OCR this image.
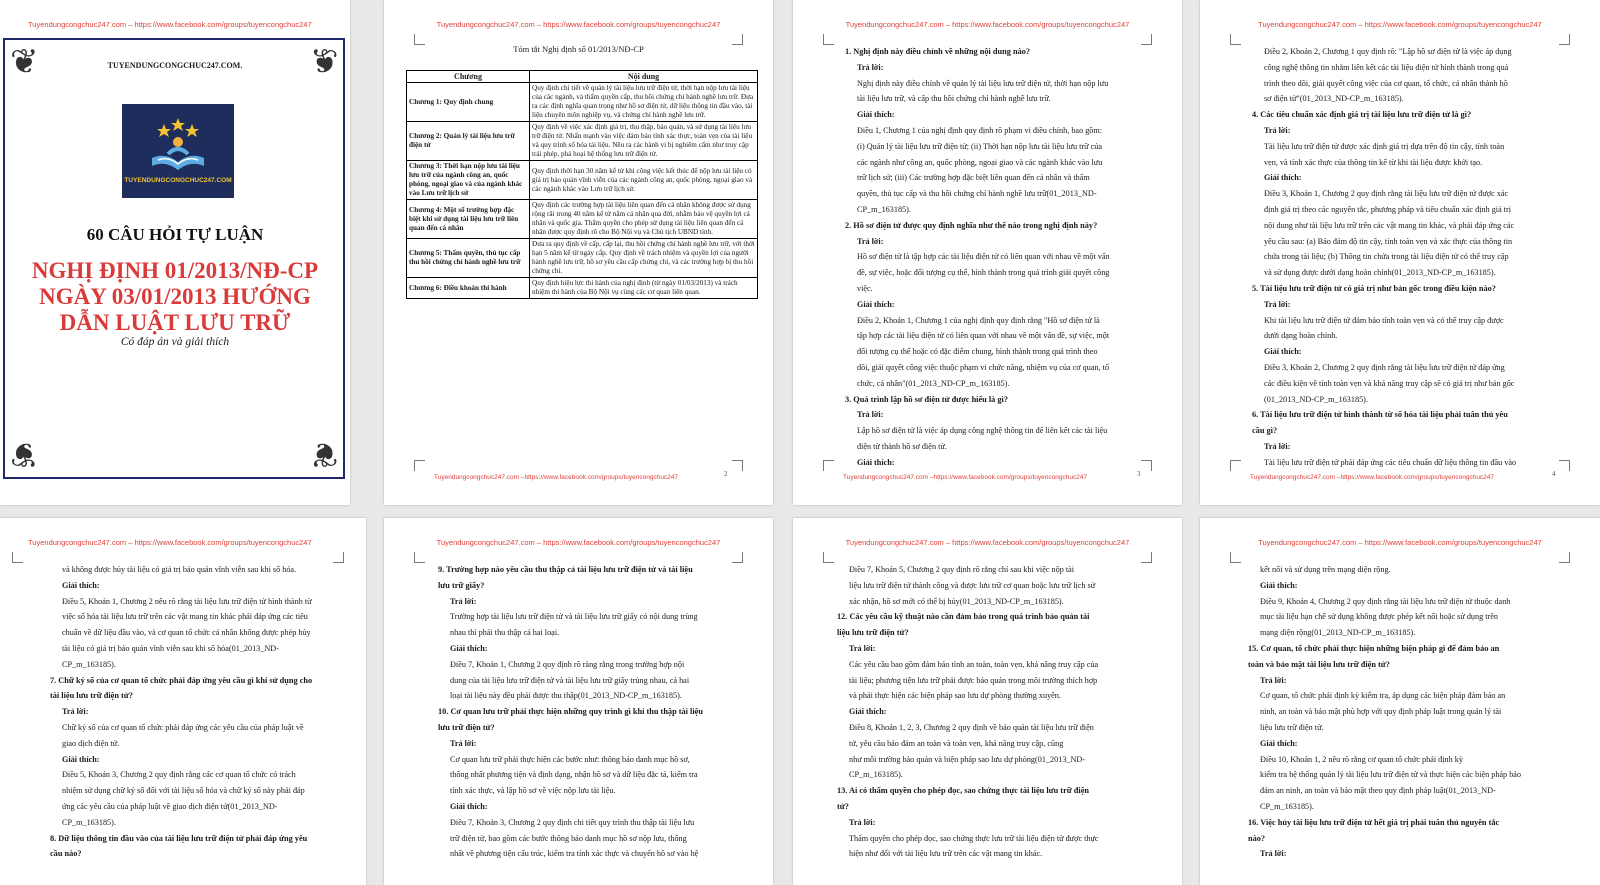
Tuyendungcongchuc247.com – https://www.facebook.com/groups/tuyencongchuc247
❦	❦
❦	❦
TUYENDUNGCONGCHUC247.COM.
TUYENDUNGCONGCHUC247.COM
60 CÂU HỎI TỰ LUẬN
NGHỊ ĐỊNH 01/2013/NĐ-CP NGÀY 03/01/2013 HƯỚNG DẪN LUẬT LƯU TRỮ
Có đáp án và giải thích
Tuyendungcongchuc247.com – https://www.facebook.com/groups/tuyencongchuc247
Tóm tắt Nghị định số 01/2013/NĐ-CP
Chương	Nội dung
Chương 1: Quy định chung	Quy định chi tiết về quản lý tài liệu lưu trữ điện tử, thời hạn nộp lưu tài liệu của các ngành, và thẩm quyền cấp, thu hồi chứng chỉ hành nghề lưu trữ. Đưa ra các định nghĩa quan trọng như hồ sơ điện tử, dữ liệu thông tin đầu vào, tài liệu chuyên môn nghiệp vụ, và chứng chỉ hành nghề lưu trữ.
Chương 2: Quản lý tài liệu lưu trữ điện tử	Quy định về việc xác định giá trị, thu thập, bảo quản, và sử dụng tài liệu lưu trữ điện tử. Nhấn mạnh vào việc đảm bảo tính xác thực, toàn vẹn của tài liệu và quy trình số hóa tài liệu. Nêu ra các hành vi bị nghiêm cấm như truy cập trái phép, phá hoại hệ thống lưu trữ điện tử.
Chương 3: Thời hạn nộp lưu tài liệu lưu trữ của ngành công an, quốc phòng, ngoại giao và của ngành khác vào Lưu trữ lịch sử	Quy định thời hạn 30 năm kể từ khi công việc kết thúc để nộp lưu tài liệu có giá trị bảo quản vĩnh viễn của các ngành công an, quốc phòng, ngoại giao và các ngành khác vào Lưu trữ lịch sử.
Chương 4: Một số trường hợp đặc biệt khi sử dụng tài liệu lưu trữ liên quan đến cá nhân	Quy định các trường hợp tài liệu liên quan đến cá nhân không được sử dụng rộng rãi trong 40 năm kể từ năm cá nhân qua đời, nhằm bảo vệ quyền lợi cá nhân và quốc gia. Thẩm quyền cho phép sử dụng tài liệu liên quan đến cá nhân được quy định rõ cho Bộ Nội vụ và Chủ tịch UBND tỉnh.
Chương 5: Thẩm quyền, thủ tục cấp thu hồi chứng chỉ hành nghề lưu trữ	Đưa ra quy định về cấp, cấp lại, thu hồi chứng chỉ hành nghề lưu trữ, với thời hạn 5 năm kể từ ngày cấp. Quy định về trách nhiệm và quyền lợi của người hành nghề lưu trữ, hồ sơ yêu cầu cấp chứng chỉ, và các trường hợp bị thu hồi chứng chỉ.
Chương 6: Điều khoản thi hành	Quy định hiệu lực thi hành của nghị định (từ ngày 01/03/2013) và trách nhiệm thi hành của Bộ Nội vụ cùng các cơ quan liên quan.
Tuyendungcongchuc247.com –https://www.facebook.com/groups/tuyencongchuc247	2
Tuyendungcongchuc247.com – https://www.facebook.com/groups/tuyencongchuc247
1. Nghị định này điều chỉnh về những nội dung nào?
Trả lời:
Nghị định này điều chỉnh về quản lý tài liệu lưu trữ điện tử, thời hạn nộp lưu
tài liệu lưu trữ, và cấp thu hồi chứng chỉ hành nghề lưu trữ.
Giải thích:
Điều 1, Chương 1 của nghị định quy định rõ phạm vi điều chỉnh, bao gồm:
(i) Quản lý tài liệu lưu trữ điện tử; (ii) Thời hạn nộp lưu tài liệu lưu trữ của
các ngành như công an, quốc phòng, ngoại giao và các ngành khác vào lưu
trữ lịch sử; (iii) Các trường hợp đặc biệt liên quan đến cá nhân và thẩm
quyền, thủ tục cấp và thu hồi chứng chỉ hành nghề lưu trữ(01_2013_ND-
CP_m_163185).
2. Hồ sơ điện tử được quy định nghĩa như thế nào trong nghị định này?
Trả lời:
Hồ sơ điện tử là tập hợp các tài liệu điện tử có liên quan với nhau về một vấn
đề, sự việc, hoặc đối tượng cụ thể, hình thành trong quá trình giải quyết công
việc.
Giải thích:
Điều 2, Khoản 1, Chương 1 của nghị định quy định rằng "Hồ sơ điện tử là
tập hợp các tài liệu điện tử có liên quan với nhau về một vấn đề, sự việc, một
đối tượng cụ thể hoặc có đặc điểm chung, hình thành trong quá trình theo
dõi, giải quyết công việc thuộc phạm vi chức năng, nhiệm vụ của cơ quan, tổ
chức, cá nhân"(01_2013_ND-CP_m_163185).
3. Quá trình lập hồ sơ điện tử được hiểu là gì?
Trả lời:
Lập hồ sơ điện tử là việc áp dụng công nghệ thông tin để liên kết các tài liệu
điện tử thành hồ sơ điện tử.
Giải thích:
Tuyendungcongchuc247.com –https://www.facebook.com/groups/tuyencongchuc247	3
Tuyendungcongchuc247.com – https://www.facebook.com/groups/tuyencongchuc247
Điều 2, Khoản 2, Chương 1 quy định rõ: "Lập hồ sơ điện tử là việc áp dụng
công nghệ thông tin nhằm liên kết các tài liệu điện tử hình thành trong quá
trình theo dõi, giải quyết công việc của cơ quan, tổ chức, cá nhân thành hồ
sơ điện tử"(01_2013_ND-CP_m_163185).
4. Các tiêu chuẩn xác định giá trị tài liệu lưu trữ điện tử là gì?
Trả lời:
Tài liệu lưu trữ điện tử được xác định giá trị dựa trên độ tin cậy, tính toàn
vẹn, và tính xác thực của thông tin kể từ khi tài liệu được khởi tạo.
Giải thích:
Điều 3, Khoản 1, Chương 2 quy định rằng tài liệu lưu trữ điện tử được xác
định giá trị theo các nguyên tắc, phương pháp và tiêu chuẩn xác định giá trị
nội dung như tài liệu lưu trữ trên các vật mang tin khác, và phải đáp ứng các
yêu cầu sau: (a) Bảo đảm độ tin cậy, tính toàn vẹn và xác thực của thông tin
chứa trong tài liệu; (b) Thông tin chứa trong tài liệu điện tử có thể truy cập
và sử dụng được dưới dạng hoàn chỉnh(01_2013_ND-CP_m_163185).
5. Tài liệu lưu trữ điện tử có giá trị như bản gốc trong điều kiện nào?
Trả lời:
Khi tài liệu lưu trữ điện tử đảm bảo tính toàn vẹn và có thể truy cập được
dưới dạng hoàn chỉnh.
Giải thích:
Điều 3, Khoản 2, Chương 2 quy định rằng tài liệu lưu trữ điện tử đáp ứng
các điều kiện về tính toàn vẹn và khả năng truy cập sẽ có giá trị như bản gốc
(01_2013_ND-CP_m_163185).
6. Tài liệu lưu trữ điện tử hình thành từ số hóa tài liệu phải tuân thủ yêu
cầu gì?
Trả lời:
Tài liệu lưu trữ điện tử phải đáp ứng các tiêu chuẩn dữ liệu thông tin đầu vào
Tuyendungcongchuc247.com –https://www.facebook.com/groups/tuyencongchuc247	4
Tuyendungcongchuc247.com – https://www.facebook.com/groups/tuyencongchuc247
và không được hủy tài liệu có giá trị bảo quản vĩnh viễn sau khi số hóa.
Giải thích:
Điều 5, Khoản 1, Chương 2 nêu rõ rằng tài liệu lưu trữ điện tử hình thành từ
việc số hóa tài liệu lưu trữ trên các vật mang tin khác phải đáp ứng các tiêu
chuẩn về dữ liệu đầu vào, và cơ quan tổ chức cá nhân không được phép hủy
tài liệu có giá trị bảo quản vĩnh viễn sau khi số hóa(01_2013_ND-
CP_m_163185).
7. Chữ ký số của cơ quan tổ chức phải đáp ứng yêu cầu gì khi sử dụng cho
tài liệu lưu trữ điện tử?
Trả lời:
Chữ ký số của cơ quan tổ chức phải đáp ứng các yêu cầu của pháp luật về
giao dịch điện tử.
Giải thích:
Điều 5, Khoản 3, Chương 2 quy định rằng các cơ quan tổ chức có trách
nhiệm sử dụng chữ ký số đối với tài liệu số hóa và chữ ký số này phải đáp
ứng các yêu cầu của pháp luật về giao dịch điện tử(01_2013_ND-
CP_m_163185).
8. Dữ liệu thông tin đầu vào của tài liệu lưu trữ điện tử phải đáp ứng yêu
cầu nào?
Tuyendungcongchuc247.com – https://www.facebook.com/groups/tuyencongchuc247
9. Trường hợp nào yêu cầu thu thập cả tài liệu lưu trữ điện tử và tài liệu
lưu trữ giấy?
Trả lời:
Trường hợp tài liệu lưu trữ điện tử và tài liệu lưu trữ giấy có nội dung trùng
nhau thì phải thu thập cả hai loại.
Giải thích:
Điều 7, Khoản 1, Chương 2 quy định rõ ràng rằng trong trường hợp nội
dung của tài liệu lưu trữ điện tử và tài liệu lưu trữ giấy trùng nhau, cả hai
loại tài liệu này đều phải được thu thập(01_2013_ND-CP_m_163185).
10. Cơ quan lưu trữ phải thực hiện những quy trình gì khi thu thập tài liệu
lưu trữ điện tử?
Trả lời:
Cơ quan lưu trữ phải thực hiện các bước như: thông báo danh mục hồ sơ,
thống nhất phương tiện và định dạng, nhận hồ sơ và dữ liệu đặc tả, kiểm tra
tính xác thực, và lập hồ sơ về việc nộp lưu tài liệu.
Giải thích:
Điều 7, Khoản 3, Chương 2 quy định chi tiết quy trình thu thập tài liệu lưu
trữ điện tử, bao gồm các bước thông báo danh mục hồ sơ nộp lưu, thống
nhất về phương tiện cấu trúc, kiểm tra tính xác thực và chuyển hồ sơ vào hệ
Tuyendungcongchuc247.com – https://www.facebook.com/groups/tuyencongchuc247
Điều 7, Khoản 5, Chương 2 quy định rõ rằng chỉ sau khi việc nộp tài
liệu lưu trữ điện tử thành công và được lưu trữ cơ quan hoặc lưu trữ lịch sử
xác nhận, hồ sơ mới có thể bị hủy(01_2013_ND-CP_m_163185).
12. Các yêu cầu kỹ thuật nào cần đảm bảo trong quá trình bảo quản tài
liệu lưu trữ điện tử?
Trả lời:
Các yêu cầu bao gồm đảm bảo tính an toàn, toàn vẹn, khả năng truy cập của
tài liệu; phương tiện lưu trữ phải được bảo quản trong môi trường thích hợp
và phải thực hiện các biện pháp sao lưu dự phòng thường xuyên.
Giải thích:
Điều 8, Khoản 1, 2, 3, Chương 2 quy định về bảo quản tài liệu lưu trữ điện
tử, yêu cầu bảo đảm an toàn và toàn vẹn, khả năng truy cập, cũng
như môi trường bảo quản và biện pháp sao lưu dự phòng(01_2013_ND-
CP_m_163185).
13. Ai có thẩm quyền cho phép đọc, sao chứng thực tài liệu lưu trữ điện
tử?
Trả lời:
Thẩm quyền cho phép đọc, sao chứng thực lưu trữ tài liệu điện tử được thực
hiện như đối với tài liệu lưu trữ trên các vật mang tin khác.
Tuyendungcongchuc247.com – https://www.facebook.com/groups/tuyencongchuc247
kết nối và sử dụng trên mạng diện rộng.
Giải thích:
Điều 9, Khoản 4, Chương 2 quy định rằng tài liệu lưu trữ điện tử thuộc danh
mục tài liệu hạn chế sử dụng không được phép kết nối hoặc sử dụng trên
mạng diện rộng(01_2013_ND-CP_m_163185).
15. Cơ quan, tổ chức phải thực hiện những biện pháp gì để đảm bảo an
toàn và bảo mật tài liệu lưu trữ điện tử?
Trả lời:
Cơ quan, tổ chức phải định kỳ kiểm tra, áp dụng các biện pháp đảm bảo an
ninh, an toàn và bảo mật phù hợp với quy định pháp luật trong quản lý tài
liệu lưu trữ điện tử.
Giải thích:
Điều 10, Khoản 1, 2 nêu rõ rằng cơ quan tổ chức phải định kỳ
kiểm tra hệ thống quản lý tài liệu lưu trữ điện tử và thực hiện các biện pháp bảo
đảm an ninh, an toàn và bảo mật theo quy định pháp luật(01_2013_ND-
CP_m_163185).
16. Việc hủy tài liệu lưu trữ điện tử hết giá trị phải tuân thủ nguyên tắc
nào?
Trả lời:
